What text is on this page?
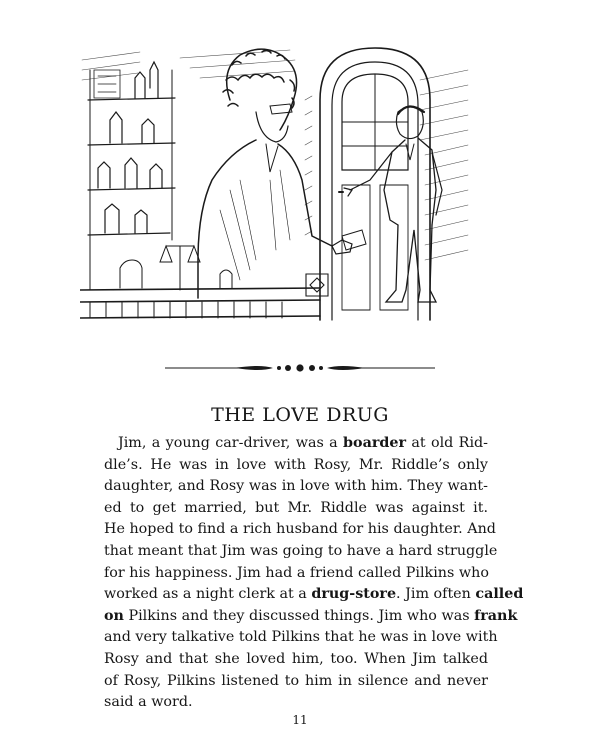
THE LOVE DRUG
Jim, a young car-driver, was a boarder at old Rid-
dle’s. He was in love with Rosy, Mr. Riddle’s only
daughter, and Rosy was in love with him. They want-
ed to get married, but Mr. Riddle was against it.
He hoped to find a rich husband for his daughter. And
that meant that Jim was going to have a hard struggle
for his happiness. Jim had a friend called Pilkins who
worked as a night clerk at a drug-store. Jim often called
on Pilkins and they discussed things. Jim who was frank
and very talkative told Pilkins that he was in love with
Rosy and that she loved him, too. When Jim talked
of Rosy, Pilkins listened to him in silence and never
said a word.
11
